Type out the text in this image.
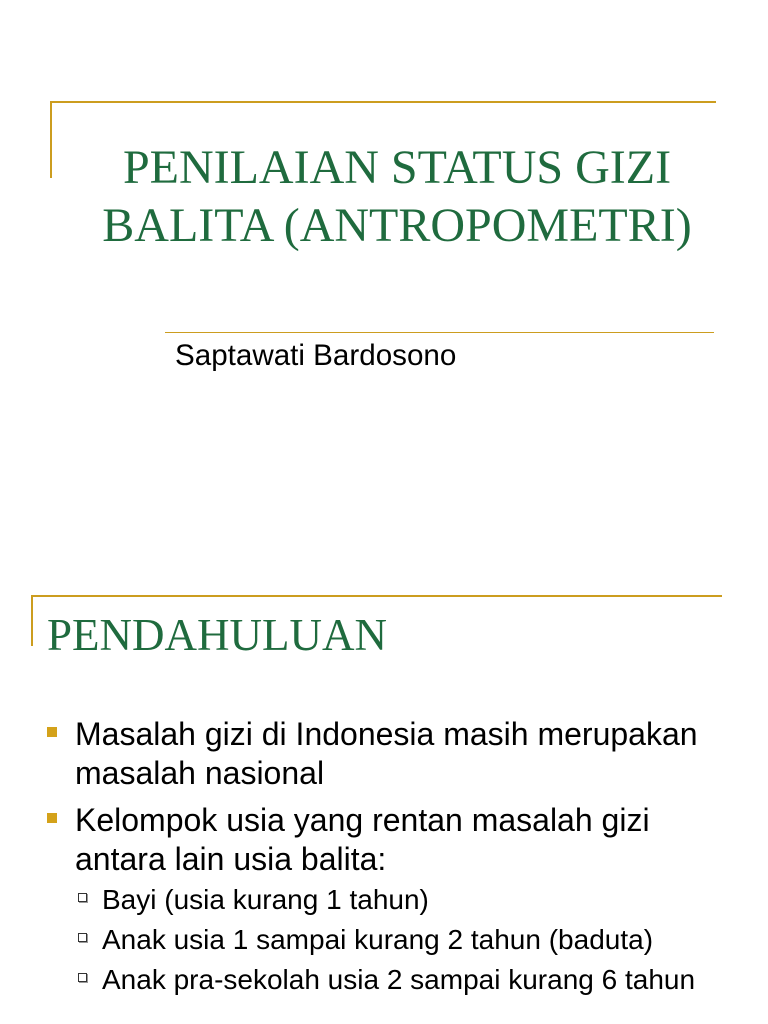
PENILAIAN STATUS GIZI BALITA (ANTROPOMETRI)

Saptawati Bardosono

PENDAHULUAN
Masalah gizi di Indonesia masih merupakan masalah nasional
Kelompok usia yang rentan masalah gizi antara lain usia balita:
Bayi (usia kurang 1 tahun)
Anak usia 1 sampai kurang 2 tahun (baduta)
Anak pra-sekolah usia 2 sampai kurang 6 tahun
